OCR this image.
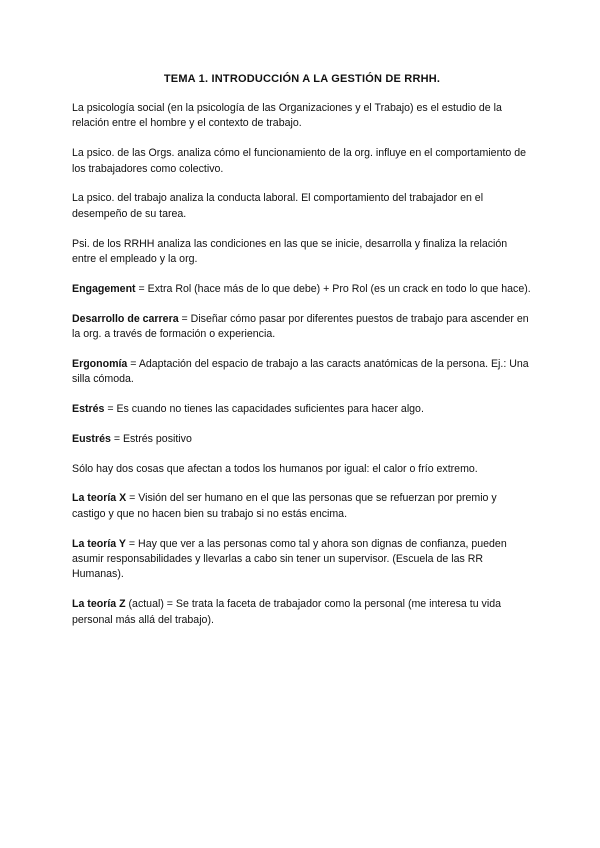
TEMA 1. INTRODUCCIÓN A LA GESTIÓN DE RRHH.

La psicología social (en la psicología de las Organizaciones y el Trabajo) es el estudio de la relación entre el hombre y el contexto de trabajo.

La psico. de las Orgs. analiza cómo el funcionamiento de la org. influye en el comportamiento de los trabajadores como colectivo.

La psico. del trabajo analiza la conducta laboral. El comportamiento del trabajador en el desempeño de su tarea.

Psi. de los RRHH analiza las condiciones en las que se inicie, desarrolla y finaliza la relación entre el empleado y la org.

Engagement = Extra Rol (hace más de lo que debe) + Pro Rol (es un crack en todo lo que hace).

Desarrollo de carrera = Diseñar cómo pasar por diferentes puestos de trabajo para ascender en la org. a través de formación o experiencia.

Ergonomía = Adaptación del espacio de trabajo a las caracts anatómicas de la persona. Ej.: Una silla cómoda.

Estrés = Es cuando no tienes las capacidades suficientes para hacer algo.

Eustrés = Estrés positivo

Sólo hay dos cosas que afectan a todos los humanos por igual: el calor o frío extremo.

La teoría X = Visión del ser humano en el que las personas que se refuerzan por premio y castigo y que no hacen bien su trabajo si no estás encima.

La teoría Y = Hay que ver a las personas como tal y ahora son dignas de confianza, pueden asumir responsabilidades y llevarlas a cabo sin tener un supervisor. (Escuela de las RR Humanas).

La teoría Z (actual) = Se trata la faceta de trabajador como la personal (me interesa tu vida personal más allá del trabajo).
